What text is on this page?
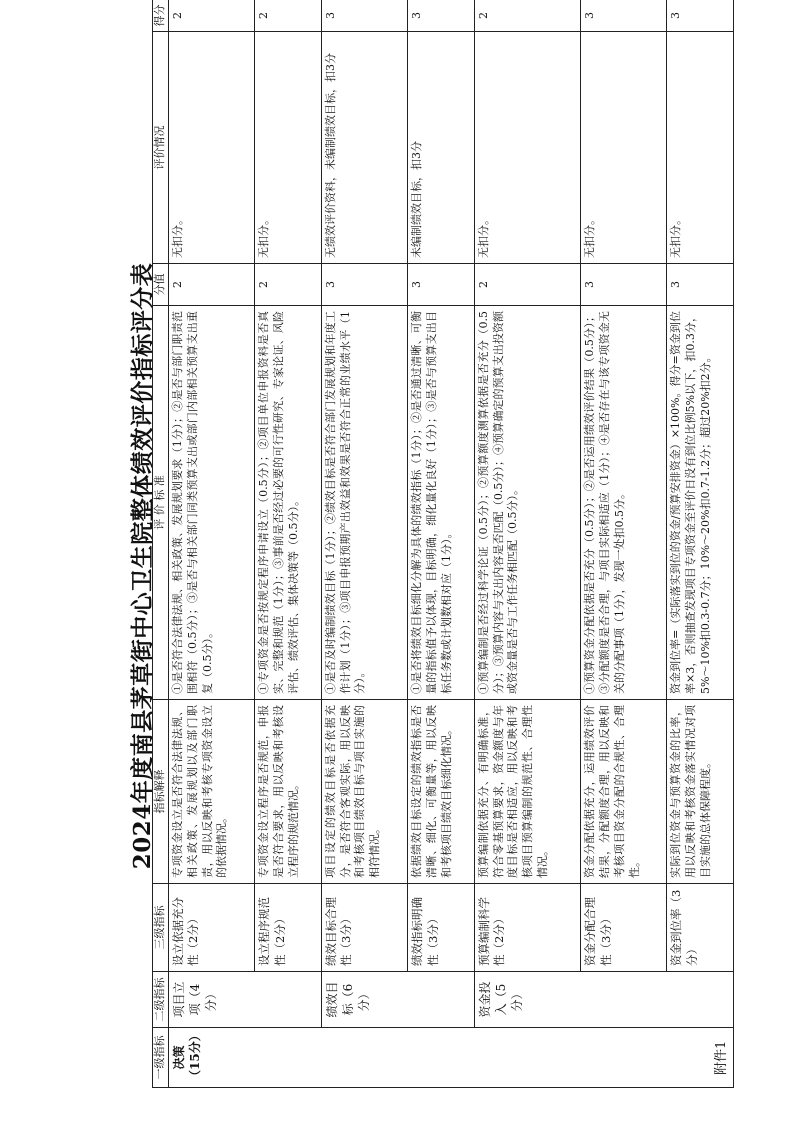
附件1
2024年度南县茅草街中心卫生院整体绩效评价指标评分表
一级指标	二级指标	三级指标	指标解释	评 价 标 准	分值	评价情况	得分
决策（15分）	项目立项（4分）	设立依据充分性（2分）	专项资金设立是否符合法律法规、相关政策、发展规划以及部门职责，用以反映和考核专项资金设立的依据情况。	①是否符合法律法规、相关政策、发展规划要求（1分）；②是否与部门职责范围相符（0.5分）；③是否与相关部门同类预算支出或部门内部相关预算支出重复（0.5分）。	2	无扣分。	2
		设立程序规范性（2分）	专项资金设立程序是否规范，申报是否符合要求，用以反映和考核设立程序的规范情况。	①专项资金是否按规定程序申请设立（0.5分）；②项目单位申报资料是否真实、完整和规范（1分）；③事前是否经过必要的可行性研究、专家论证、风险评估、绩效评估、集体决策等（0.5分）。	2	无扣分。	2
	绩效目标（6分）	绩效目标合理性（3分）	项目设定的绩效目标是否依据充分，是否符合客观实际，用以反映和考核项目绩效目标与项目实施的相符情况。	①是否及时编制绩效目标（1分）；②绩效目标是否符合部门发展规划和年度工作计划（1分）；③项目申报预期产出效益和效果是否符合正常的业绩水平（1分）。	3	无绩效评价资料，未编制绩效目标，扣3分	3
		绩效指标明确性（3分）	依据绩效目标设定的绩效指标是否清晰、细化、可衡量等，用以反映和考核项目绩效目标细化情况。	①是否将绩效目标细化分解为具体的绩效指标（1分）；②是否通过清晰、可衡量的指标值予以体现，目标明确，细化量化良好（1分）；③是否与预算支出目标任务数或计划数相对应（1分）。	3	未编制绩效目标，扣3分	3
	资金投入（5分）	预算编制科学性（2分）	预算编制依据充分、有明确标准，符合零基预算要求，资金额度与年度目标是否相适应，用以反映和考核项目预算编制的规范性、合理性情况。	①预算编制是否经过科学论证（0.5分）；②预算额度测算依据是否充分（0.5分）；③预算内容与支出内容是否匹配（0.5分）；④预算确定的预算支出投资额或资金量是否与工作任务相匹配（0.5分）。	2	无扣分。	2
		资金分配合理性（3分）	资金分配依据充分，运用绩效评价结果，分配额度合理，用以反映和考核项目资金分配的合规性、合理性。	①预算资金分配依据是否充分（0.5分）；②是否运用绩效评价结果（0.5分）；③分配额度是否合理，与项目实际相适应（1分）；④是否存在与该专项资金无关的分配事项（1分），发现一处扣0.5分。	3	无扣分。	3
		资金到位率（3分）	实际到位资金与预算资金的比率，用以反映和考核资金落实情况对项目实施的总体保障程度。	资金到位率=（实际落实到位的资金/预算安排资金）×100%。得分=资金到位率×3，否则抽查发现项目专项资金至评价日没有到位比例5%以下，扣0.3分，5%～10%扣0.3-0.7分；10%～20%扣0.7-1.2分；超过20%扣2分。	3	无扣分。	3
